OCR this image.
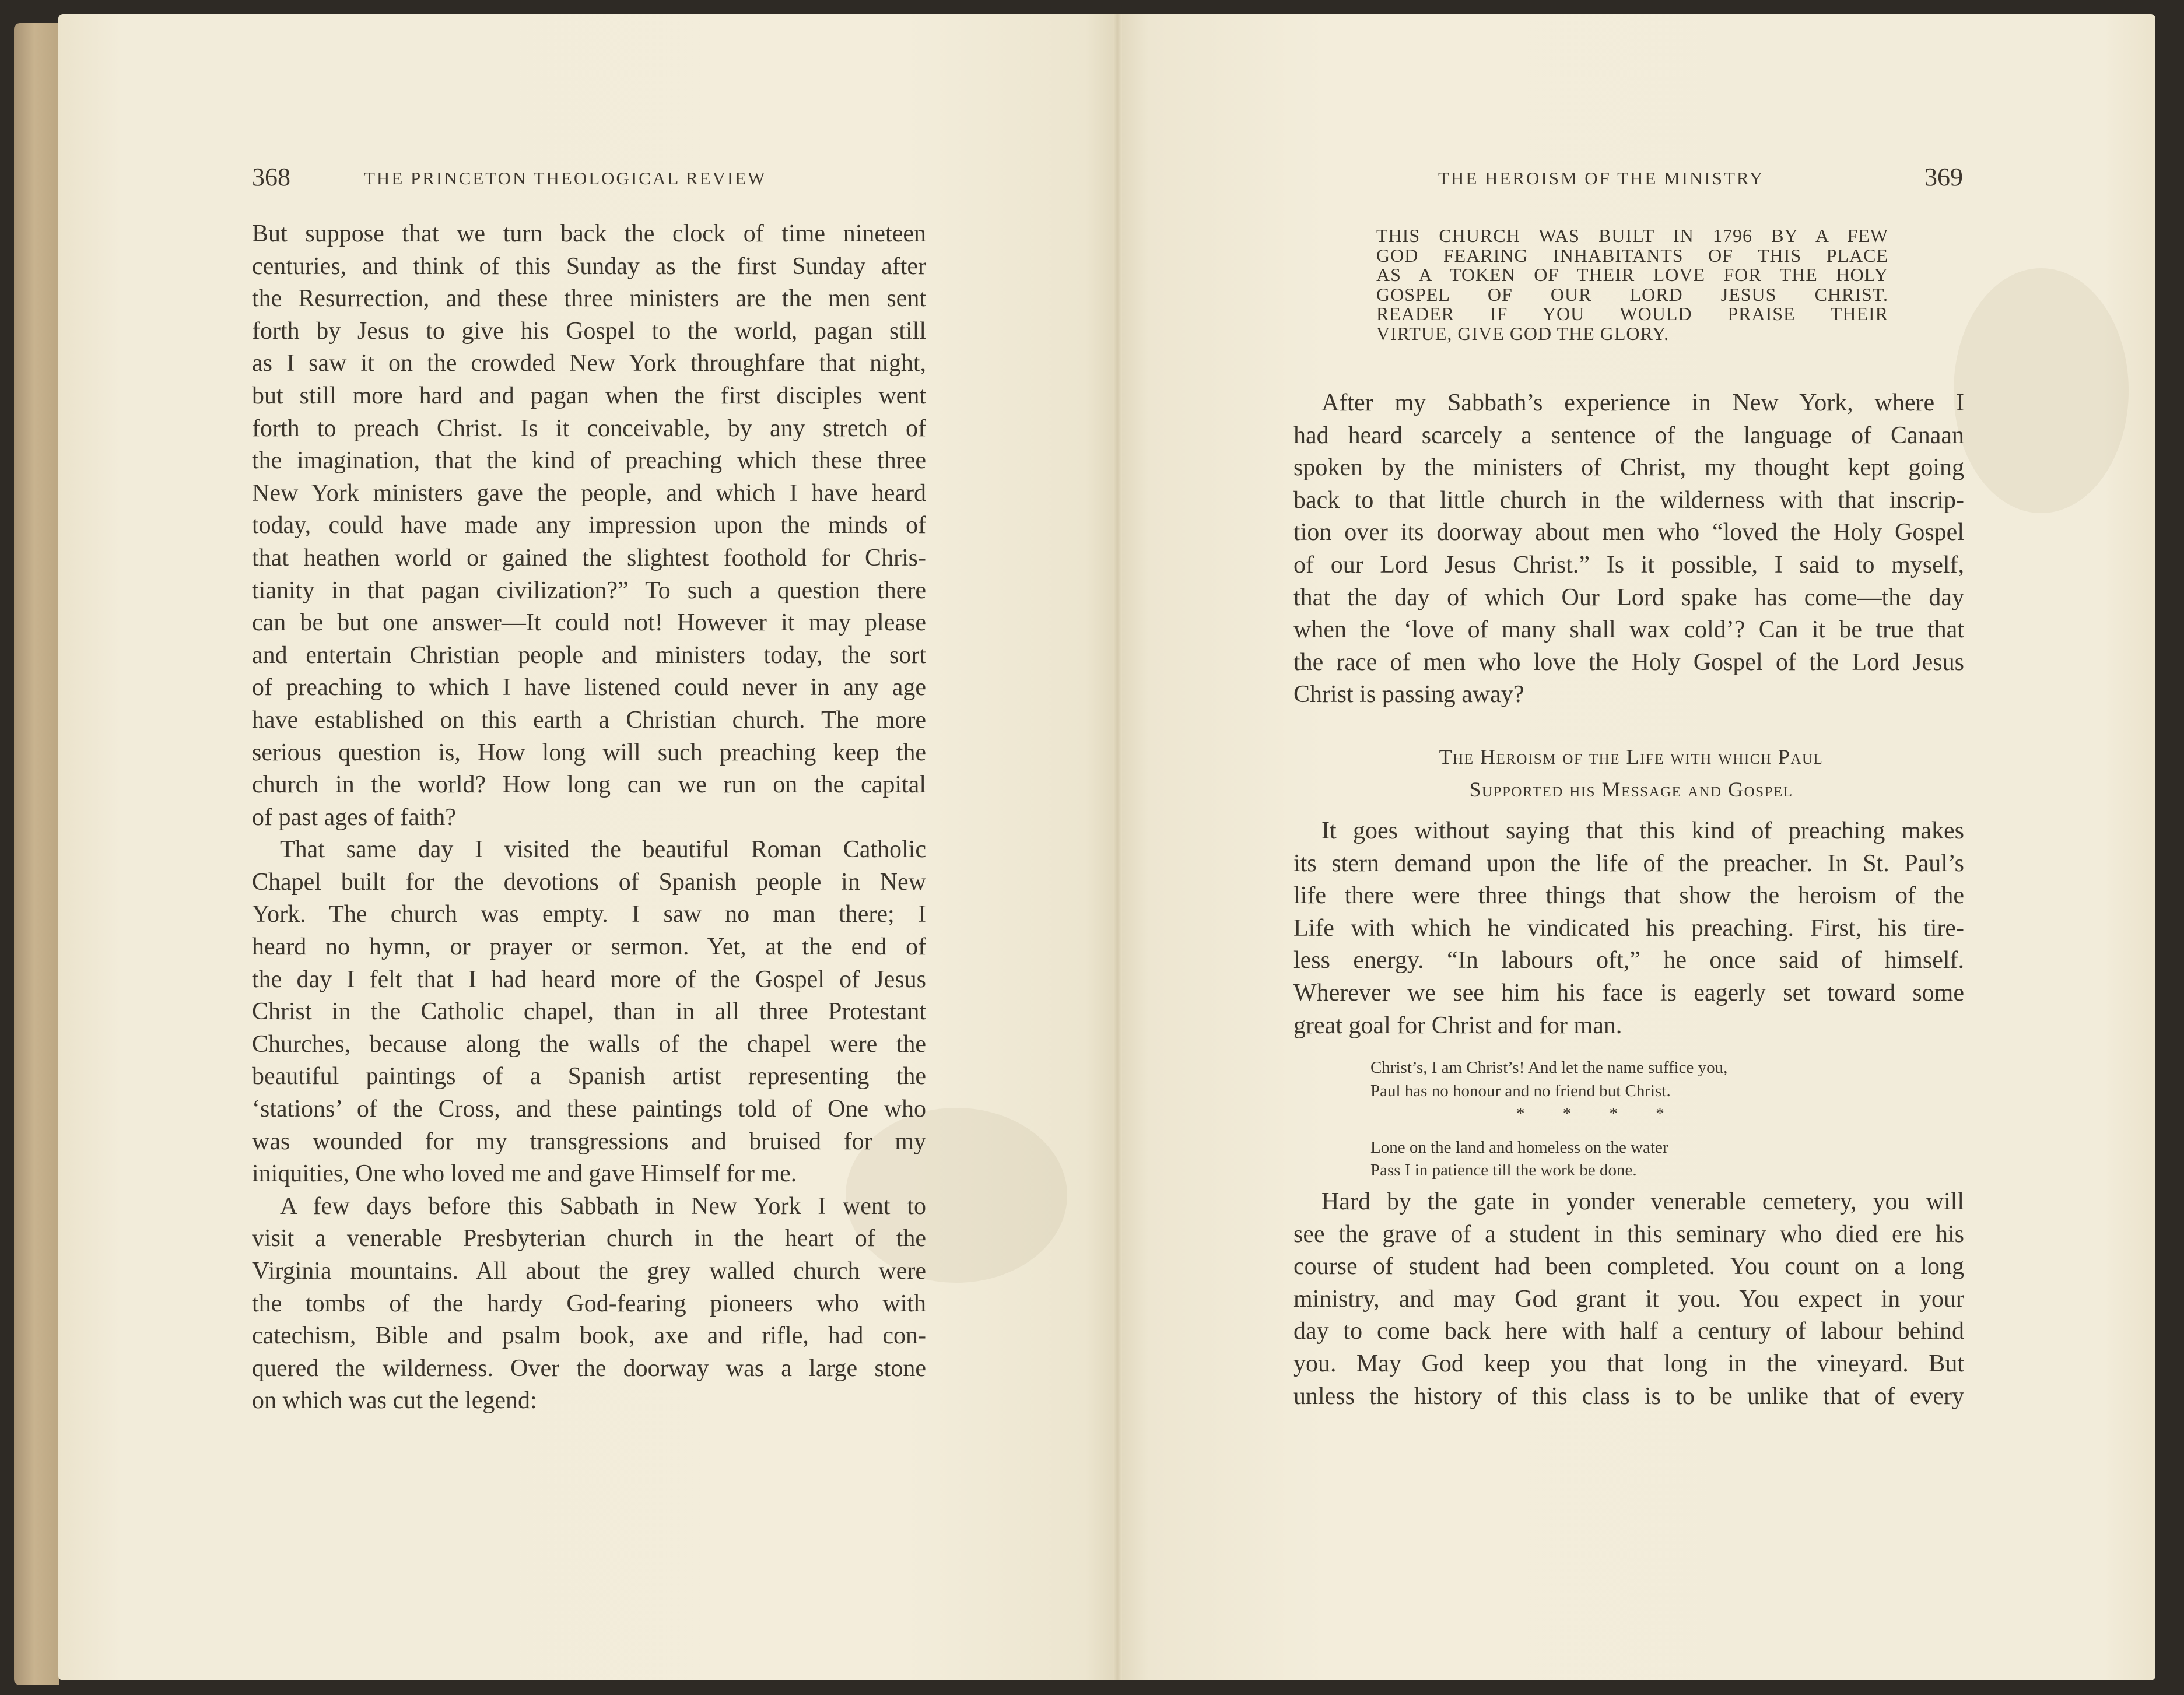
368	THE PRINCETON THEOLOGICAL REVIEW
But suppose that we turn back the clock of time nineteen
centuries, and think of this Sunday as the first Sunday after
the Resurrection, and these three ministers are the men sent
forth by Jesus to give his Gospel to the world, pagan still
as I saw it on the crowded New York throughfare that night,
but still more hard and pagan when the first disciples went
forth to preach Christ. Is it conceivable, by any stretch of
the imagination, that the kind of preaching which these three
New York ministers gave the people, and which I have heard
today, could have made any impression upon the minds of
that heathen world or gained the slightest foothold for Chris-
tianity in that pagan civilization?” To such a question there
can be but one answer—It could not! However it may please
and entertain Christian people and ministers today, the sort
of preaching to which I have listened could never in any age
have established on this earth a Christian church. The more
serious question is, How long will such preaching keep the
church in the world? How long can we run on the capital
of past ages of faith?
That same day I visited the beautiful Roman Catholic
Chapel built for the devotions of Spanish people in New
York. The church was empty. I saw no man there; I
heard no hymn, or prayer or sermon. Yet, at the end of
the day I felt that I had heard more of the Gospel of Jesus
Christ in the Catholic chapel, than in all three Protestant
Churches, because along the walls of the chapel were the
beautiful paintings of a Spanish artist representing the
‘stations’ of the Cross, and these paintings told of One who
was wounded for my transgressions and bruised for my
iniquities, One who loved me and gave Himself for me.
A few days before this Sabbath in New York I went to
visit a venerable Presbyterian church in the heart of the
Virginia mountains. All about the grey walled church were
the tombs of the hardy God-fearing pioneers who with
catechism, Bible and psalm book, axe and rifle, had con-
quered the wilderness. Over the doorway was a large stone
on which was cut the legend:
THE HEROISM OF THE MINISTRY	369
THIS CHURCH WAS BUILT IN 1796 BY A FEW
GOD FEARING INHABITANTS OF THIS PLACE
AS A TOKEN OF THEIR LOVE FOR THE HOLY
GOSPEL OF OUR LORD JESUS CHRIST.
READER IF YOU WOULD PRAISE THEIR
VIRTUE, GIVE GOD THE GLORY.
After my Sabbath’s experience in New York, where I
had heard scarcely a sentence of the language of Canaan
spoken by the ministers of Christ, my thought kept going
back to that little church in the wilderness with that inscrip-
tion over its doorway about men who “loved the Holy Gospel
of our Lord Jesus Christ.” Is it possible, I said to myself,
that the day of which Our Lord spake has come—the day
when the ‘love of many shall wax cold’? Can it be true that
the race of men who love the Holy Gospel of the Lord Jesus
Christ is passing away?
The Heroism of the Life with which Paul
Supported his Message and Gospel
It goes without saying that this kind of preaching makes
its stern demand upon the life of the preacher. In St. Paul’s
life there were three things that show the heroism of the
Life with which he vindicated his preaching. First, his tire-
less energy. “In labours oft,” he once said of himself.
Wherever we see him his face is eagerly set toward some
great goal for Christ and for man.
Christ’s, I am Christ’s! And let the name suffice you,
Paul has no honour and no friend but Christ.
*         *         *         *
Lone on the land and homeless on the water
Pass I in patience till the work be done.
Hard by the gate in yonder venerable cemetery, you will
see the grave of a student in this seminary who died ere his
course of student had been completed. You count on a long
ministry, and may God grant it you. You expect in your
day to come back here with half a century of labour behind
you. May God keep you that long in the vineyard. But
unless the history of this class is to be unlike that of every
